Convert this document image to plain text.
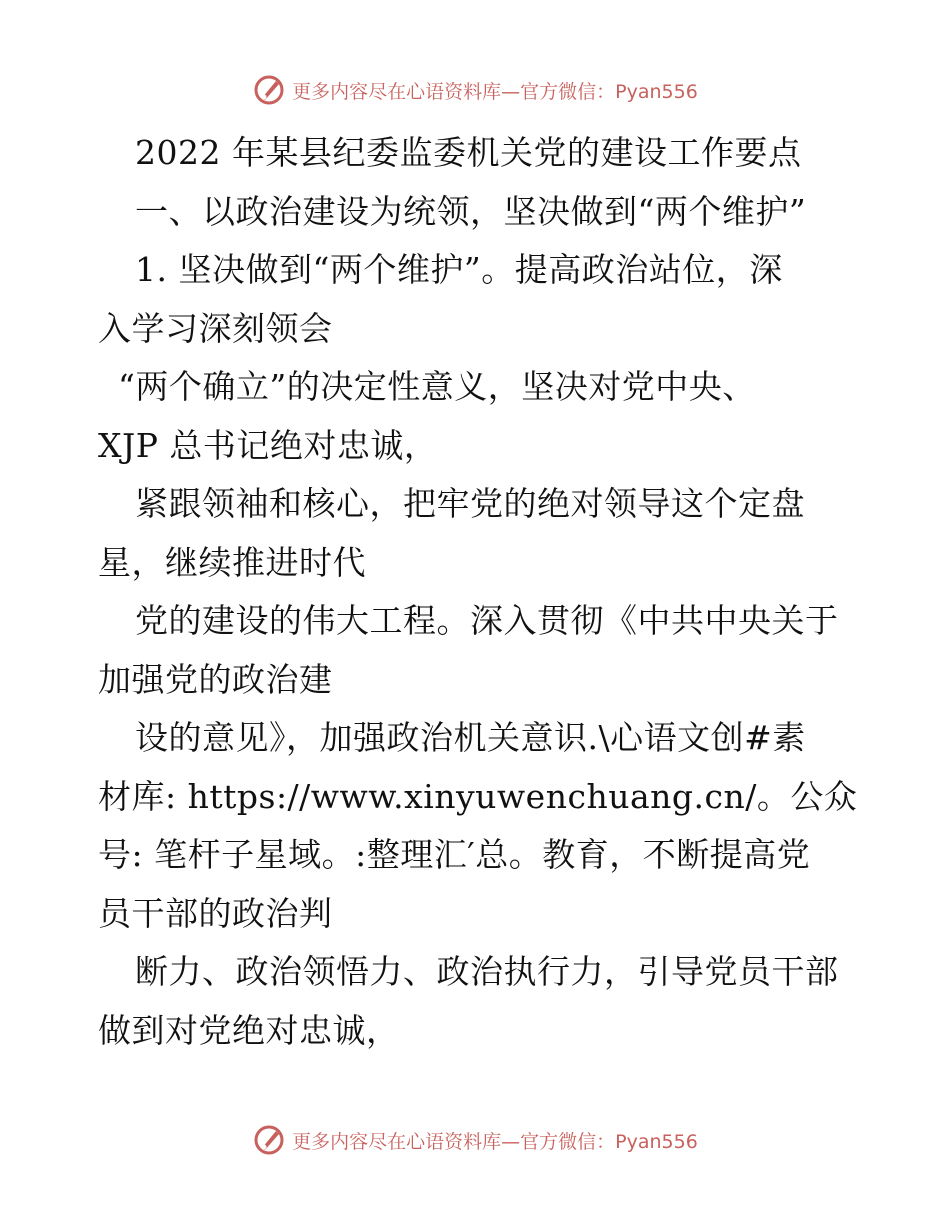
更多内容尽在心语资料库—官方微信：Pyan556
2022 年某县纪委监委机关党的建设工作要点
一、以政治建设为统领，坚决做到“两个维护”
1. 坚决做到“两个维护”。提高政治站位，深
入学习深刻领会
“两个确立”的决定性意义，坚决对党中央、
XJP 总书记绝对忠诚，
紧跟领袖和核心，把牢党的绝对领导这个定盘
星，继续推进时代
党的建设的伟大工程。深入贯彻《中共中央关于
加强党的政治建
设的意见》，加强政治机关意识.\心语文创#素
材库: https://www.xinyuwenchuang.cn/。公众
号: 笔杆子星域。:整理汇′总。教育，不断提高党
员干部的政治判
断力、政治领悟力、政治执行力，引导党员干部
做到对党绝对忠诚，
更多内容尽在心语资料库—官方微信：Pyan556
